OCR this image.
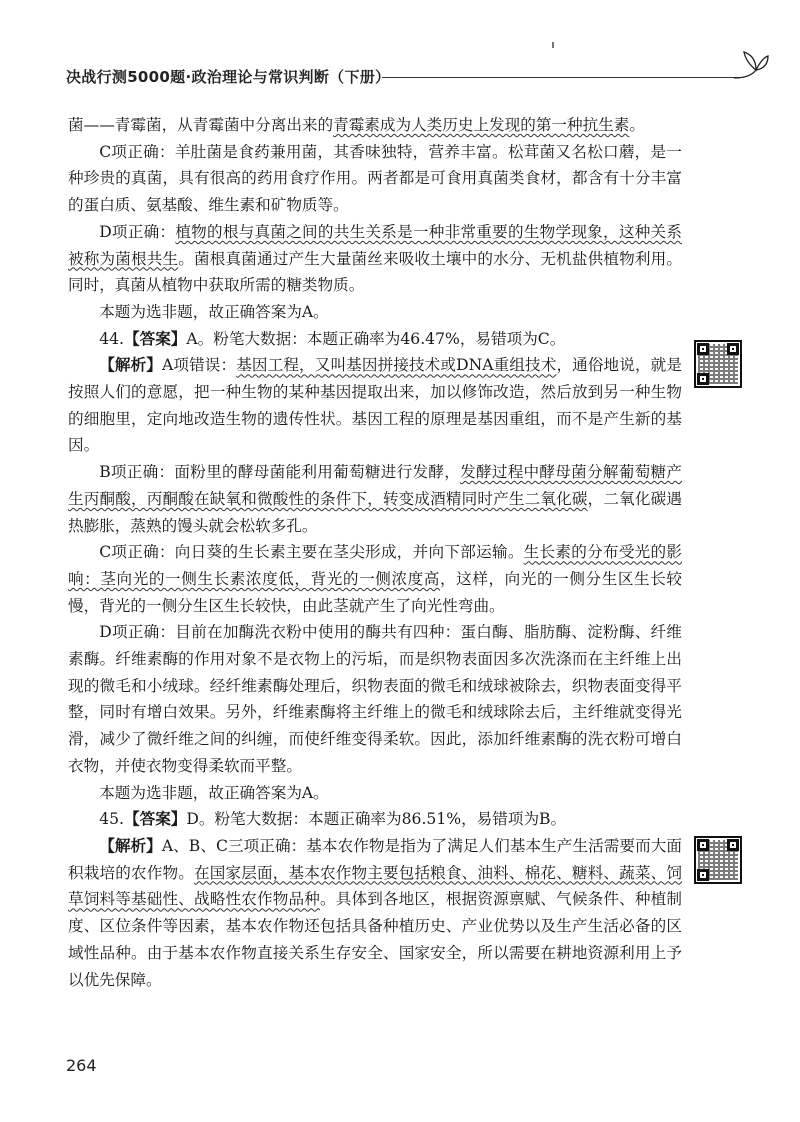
决战行测5000题·政治理论与常识判断（下册）

菌——青霉菌，从青霉菌中分离出来的青霉素成为人类历史上发现的第一种抗生素。

C项正确：羊肚菌是食药兼用菌，其香味独特，营养丰富。松茸菌又名松口蘑，是一种珍贵的真菌，具有很高的药用食疗作用。两者都是可食用真菌类食材，都含有十分丰富的蛋白质、氨基酸、维生素和矿物质等。

D项正确：植物的根与真菌之间的共生关系是一种非常重要的生物学现象，这种关系被称为菌根共生。菌根真菌通过产生大量菌丝来吸收土壤中的水分、无机盐供植物利用。同时，真菌从植物中获取所需的糖类物质。

本题为选非题，故正确答案为A。

44.【答案】A。粉笔大数据：本题正确率为46.47%，易错项为C。

【解析】A项错误：基因工程，又叫基因拼接技术或DNA重组技术，通俗地说，就是按照人们的意愿，把一种生物的某种基因提取出来，加以修饰改造，然后放到另一种生物的细胞里，定向地改造生物的遗传性状。基因工程的原理是基因重组，而不是产生新的基因。

B项正确：面粉里的酵母菌能利用葡萄糖进行发酵，发酵过程中酵母菌分解葡萄糖产生丙酮酸，丙酮酸在缺氧和微酸性的条件下，转变成酒精同时产生二氧化碳，二氧化碳遇热膨胀，蒸熟的馒头就会松软多孔。

C项正确：向日葵的生长素主要在茎尖形成，并向下部运输。生长素的分布受光的影响：茎向光的一侧生长素浓度低，背光的一侧浓度高，这样，向光的一侧分生区生长较慢，背光的一侧分生区生长较快，由此茎就产生了向光性弯曲。

D项正确：目前在加酶洗衣粉中使用的酶共有四种：蛋白酶、脂肪酶、淀粉酶、纤维素酶。纤维素酶的作用对象不是衣物上的污垢，而是织物表面因多次洗涤而在主纤维上出现的微毛和小绒球。经纤维素酶处理后，织物表面的微毛和绒球被除去，织物表面变得平整，同时有增白效果。另外，纤维素酶将主纤维上的微毛和绒球除去后，主纤维就变得光滑，减少了微纤维之间的纠缠，而使纤维变得柔软。因此，添加纤维素酶的洗衣粉可增白衣物，并使衣物变得柔软而平整。

本题为选非题，故正确答案为A。

45.【答案】D。粉笔大数据：本题正确率为86.51%，易错项为B。

【解析】A、B、C三项正确：基本农作物是指为了满足人们基本生产生活需要而大面积栽培的农作物。在国家层面，基本农作物主要包括粮食、油料、棉花、糖料、蔬菜、饲草饲料等基础性、战略性农作物品种。具体到各地区，根据资源禀赋、气候条件、种植制度、区位条件等因素，基本农作物还包括具备种植历史、产业优势以及生产生活必备的区域性品种。由于基本农作物直接关系生存安全、国家安全，所以需要在耕地资源利用上予以优先保障。

264
